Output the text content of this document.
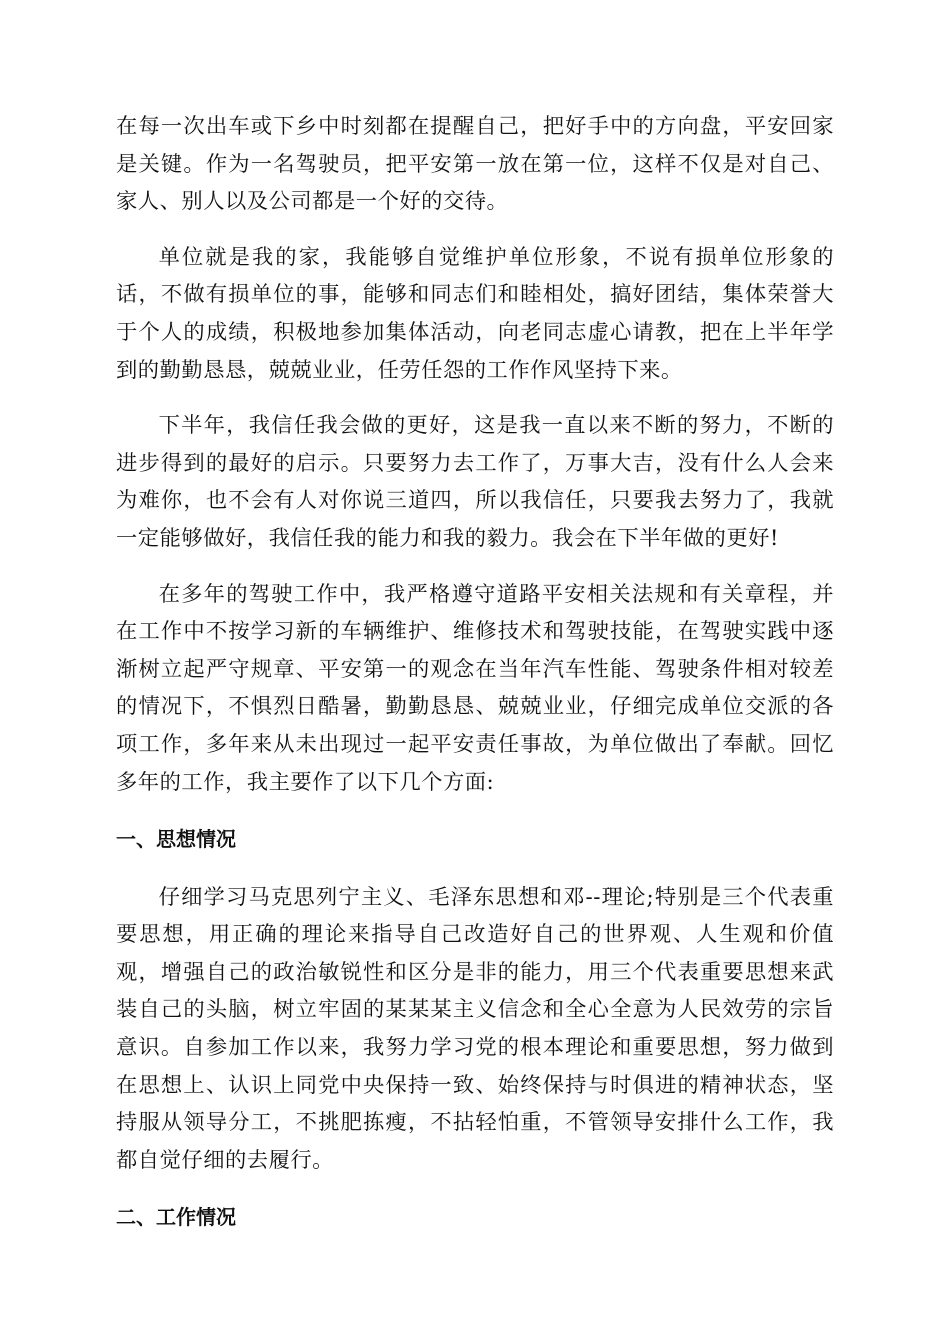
在每一次出车或下乡中时刻都在提醒自己，把好手中的方向盘，平安回家是关键。作为一名驾驶员，把平安第一放在第一位，这样不仅是对自己、家人、别人以及公司都是一个好的交待。

单位就是我的家，我能够自觉维护单位形象，不说有损单位形象的话，不做有损单位的事，能够和同志们和睦相处，搞好团结，集体荣誉大于个人的成绩，积极地参加集体活动，向老同志虚心请教，把在上半年学到的勤勤恳恳，兢兢业业，任劳任怨的工作作风坚持下来。

下半年，我信任我会做的更好，这是我一直以来不断的努力，不断的进步得到的最好的启示。只要努力去工作了，万事大吉，没有什么人会来为难你，也不会有人对你说三道四，所以我信任，只要我去努力了，我就一定能够做好，我信任我的能力和我的毅力。我会在下半年做的更好!

在多年的驾驶工作中，我严格遵守道路平安相关法规和有关章程，并在工作中不按学习新的车辆维护、维修技术和驾驶技能，在驾驶实践中逐渐树立起严守规章、平安第一的观念在当年汽车性能、驾驶条件相对较差的情况下，不惧烈日酷暑，勤勤恳恳、兢兢业业，仔细完成单位交派的各项工作，多年来从未出现过一起平安责任事故，为单位做出了奉献。回忆多年的工作，我主要作了以下几个方面:

一、思想情况

仔细学习马克思列宁主义、毛泽东思想和邓--理论;特别是三个代表重要思想，用正确的理论来指导自己改造好自己的世界观、人生观和价值观，增强自己的政治敏锐性和区分是非的能力，用三个代表重要思想来武装自己的头脑，树立牢固的某某某主义信念和全心全意为人民效劳的宗旨意识。自参加工作以来，我努力学习党的根本理论和重要思想，努力做到在思想上、认识上同党中央保持一致、始终保持与时俱进的精神状态，坚持服从领导分工，不挑肥拣瘦，不拈轻怕重，不管领导安排什么工作，我都自觉仔细的去履行。

二、工作情况
